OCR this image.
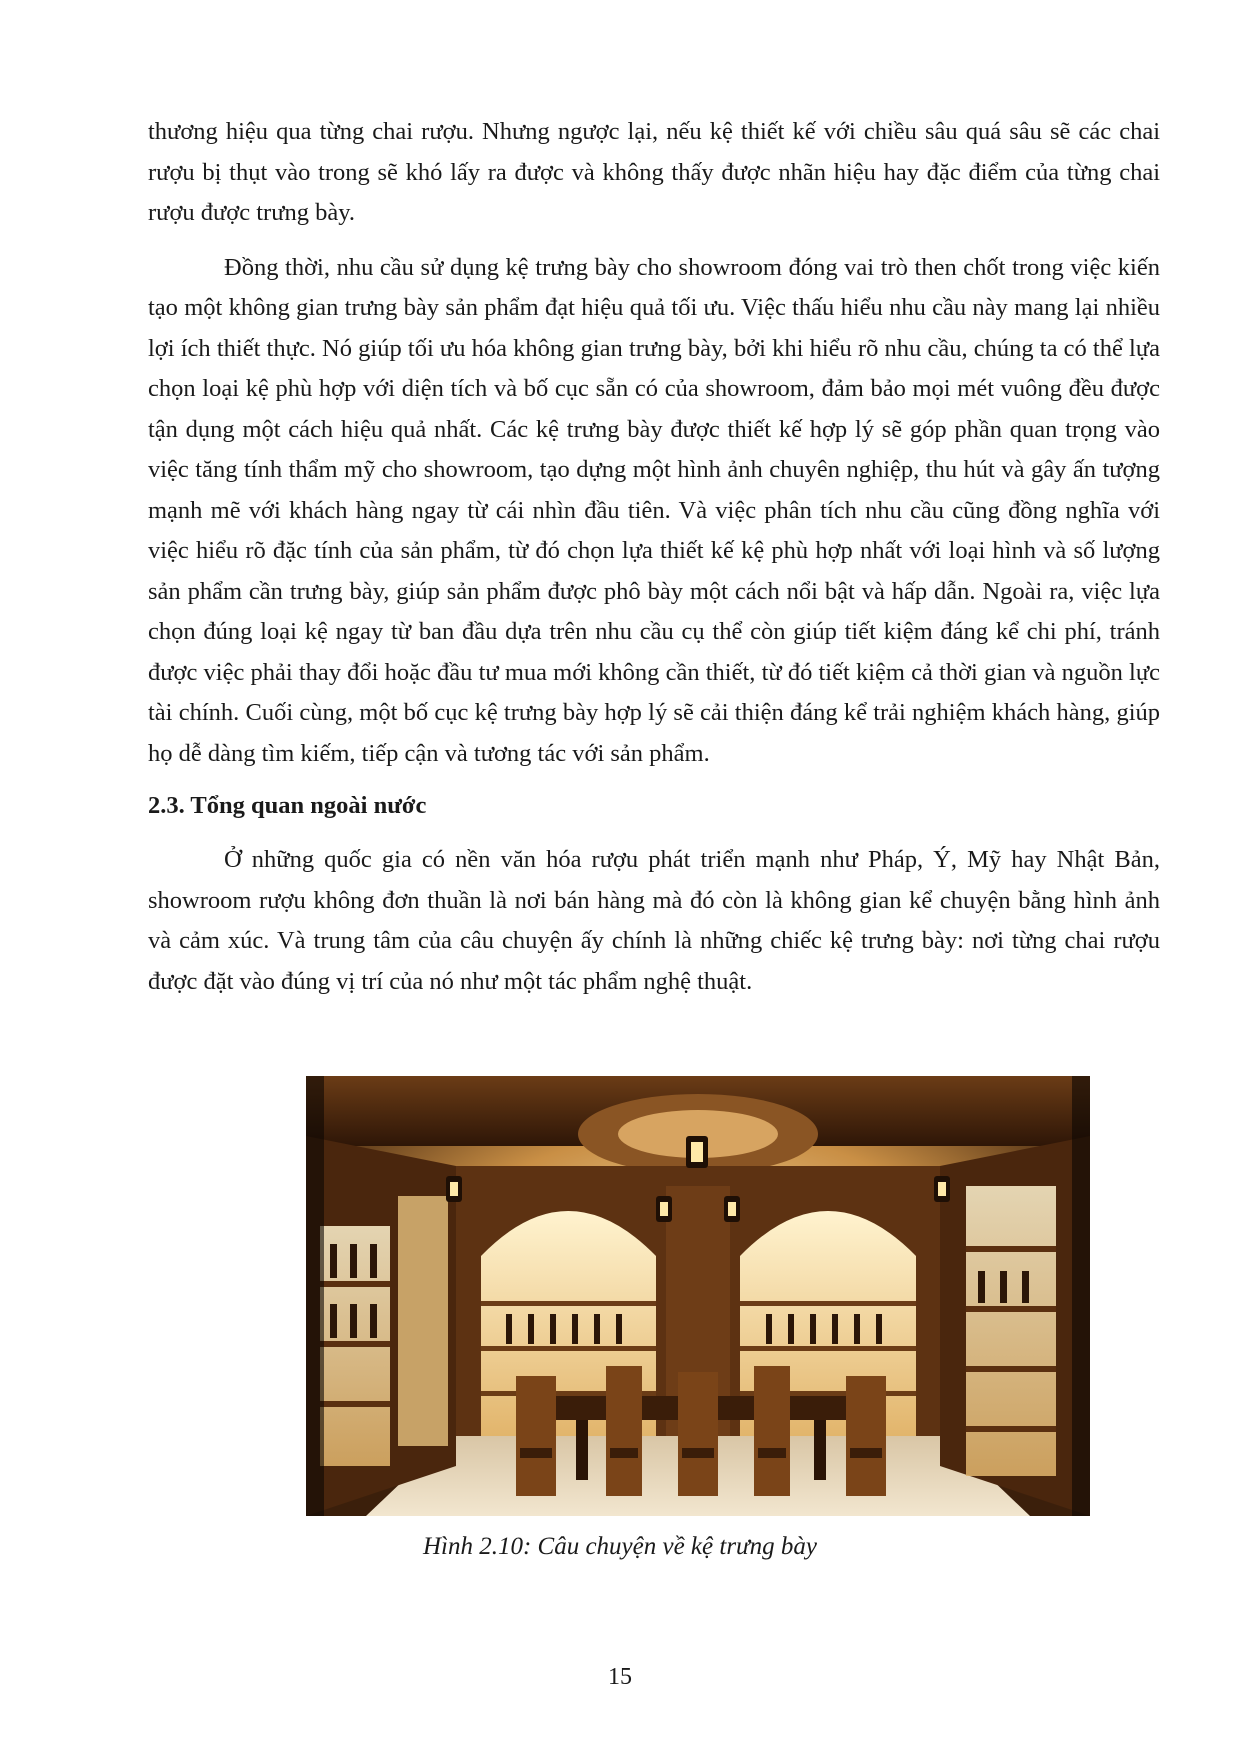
thương hiệu qua từng chai rượu. Nhưng ngược lại, nếu kệ thiết kế với chiều sâu quá sâu sẽ các chai rượu bị thụt vào trong sẽ khó lấy ra được và không thấy được nhãn hiệu hay đặc điểm của từng chai rượu được trưng bày.

Đồng thời, nhu cầu sử dụng kệ trưng bày cho showroom đóng vai trò then chốt trong việc kiến tạo một không gian trưng bày sản phẩm đạt hiệu quả tối ưu. Việc thấu hiểu nhu cầu này mang lại nhiều lợi ích thiết thực. Nó giúp tối ưu hóa không gian trưng bày, bởi khi hiểu rõ nhu cầu, chúng ta có thể lựa chọn loại kệ phù hợp với diện tích và bố cục sẵn có của showroom, đảm bảo mọi mét vuông đều được tận dụng một cách hiệu quả nhất. Các kệ trưng bày được thiết kế hợp lý sẽ góp phần quan trọng vào việc tăng tính thẩm mỹ cho showroom, tạo dựng một hình ảnh chuyên nghiệp, thu hút và gây ấn tượng mạnh mẽ với khách hàng ngay từ cái nhìn đầu tiên. Và việc phân tích nhu cầu cũng đồng nghĩa với việc hiểu rõ đặc tính của sản phẩm, từ đó chọn lựa thiết kế kệ phù hợp nhất với loại hình và số lượng sản phẩm cần trưng bày, giúp sản phẩm được phô bày một cách nổi bật và hấp dẫn. Ngoài ra, việc lựa chọn đúng loại kệ ngay từ ban đầu dựa trên nhu cầu cụ thể còn giúp tiết kiệm đáng kể chi phí, tránh được việc phải thay đổi hoặc đầu tư mua mới không cần thiết, từ đó tiết kiệm cả thời gian và nguồn lực tài chính. Cuối cùng, một bố cục kệ trưng bày hợp lý sẽ cải thiện đáng kể trải nghiệm khách hàng, giúp họ dễ dàng tìm kiếm, tiếp cận và tương tác với sản phẩm.

2.3. Tổng quan ngoài nước

Ở những quốc gia có nền văn hóa rượu phát triển mạnh như Pháp, Ý, Mỹ hay Nhật Bản, showroom rượu không đơn thuần là nơi bán hàng mà đó còn là không gian kể chuyện bằng hình ảnh và cảm xúc. Và trung tâm của câu chuyện ấy chính là những chiếc kệ trưng bày: nơi từng chai rượu được đặt vào đúng vị trí của nó như một tác phẩm nghệ thuật.

Hình 2.10: Câu chuyện về kệ trưng bày
15
